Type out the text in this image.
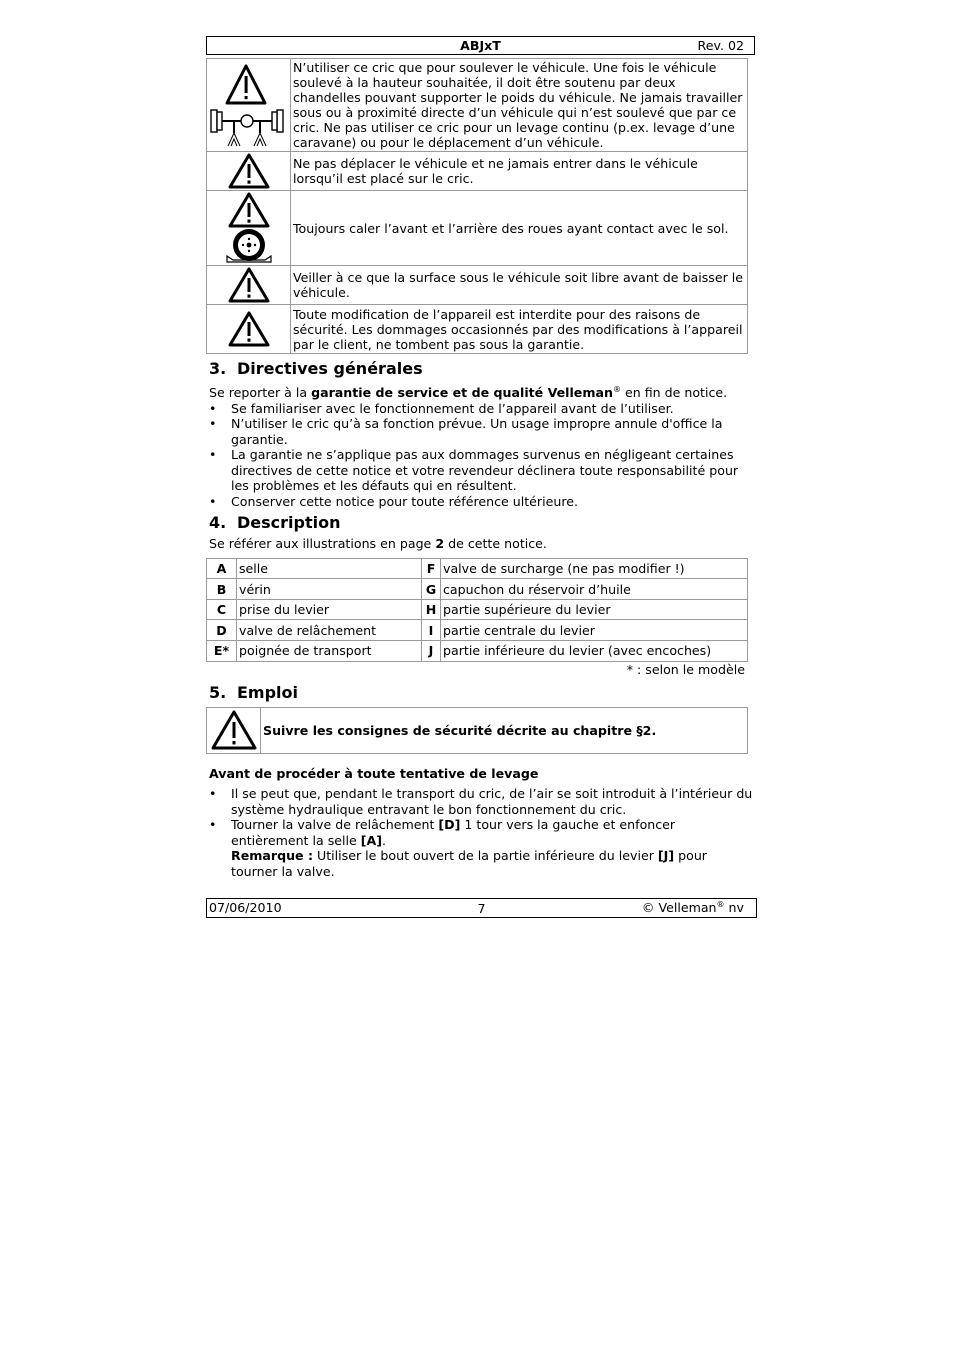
ABJxT	Rev. 02
	N’utiliser ce cric que pour soulever le véhicule. Une fois le véhicule soulevé à la hauteur souhaitée, il doit être soutenu par deux chandelles pouvant supporter le poids du véhicule. Ne jamais travailler sous ou à proximité directe d’un véhicule qui n’est soulevé que par ce cric. Ne pas utiliser ce cric pour un levage continu (p.ex. levage d’une caravane) ou pour le déplacement d’un véhicule.

	Ne pas déplacer le véhicule et ne jamais entrer dans le véhicule lorsqu’il est placé sur le cric.

	Toujours caler l’avant et l’arrière des roues ayant contact avec le sol.

	Veiller à ce que la surface sous le véhicule soit libre avant de baisser le véhicule.

	Toute modification de l’appareil est interdite pour des raisons de sécurité. Les dommages occasionnés par des modifications à l’appareil par le client, ne tombent pas sous la garantie.
3. Directives générales

Se reporter à la garantie de service et de qualité Velleman® en fin de notice.

• Se familiariser avec le fonctionnement de l’appareil avant de l’utiliser.
• N’utiliser le cric qu’à sa fonction prévue. Un usage impropre annule d'office la garantie.
• La garantie ne s’applique pas aux dommages survenus en négligeant certaines directives de cette notice et votre revendeur déclinera toute responsabilité pour les problèmes et les défauts qui en résultent.
• Conserver cette notice pour toute référence ultérieure.
4. Description

Se référer aux illustrations en page 2 de cette notice.

A	selle	F	valve de surcharge (ne pas modifier !)
B	vérin	G	capuchon du réservoir d’huile
C	prise du levier	H	partie supérieure du levier
D	valve de relâchement	I	partie centrale du levier
E*	poignée de transport	J	partie inférieure du levier (avec encoches)
* : selon le modèle
5. Emploi
	Suivre les consignes de sécurité décrite au chapitre §2.

Avant de procéder à toute tentative de levage

• Il se peut que, pendant le transport du cric, de l’air se soit introduit à l’intérieur du système hydraulique entravant le bon fonctionnement du cric.
• Tourner la valve de relâchement [D] 1 tour vers la gauche et enfoncer entièrement la selle [A].
Remarque : Utiliser le bout ouvert de la partie inférieure du levier [J] pour tourner la valve.
07/06/2010	7	© Velleman® nv
